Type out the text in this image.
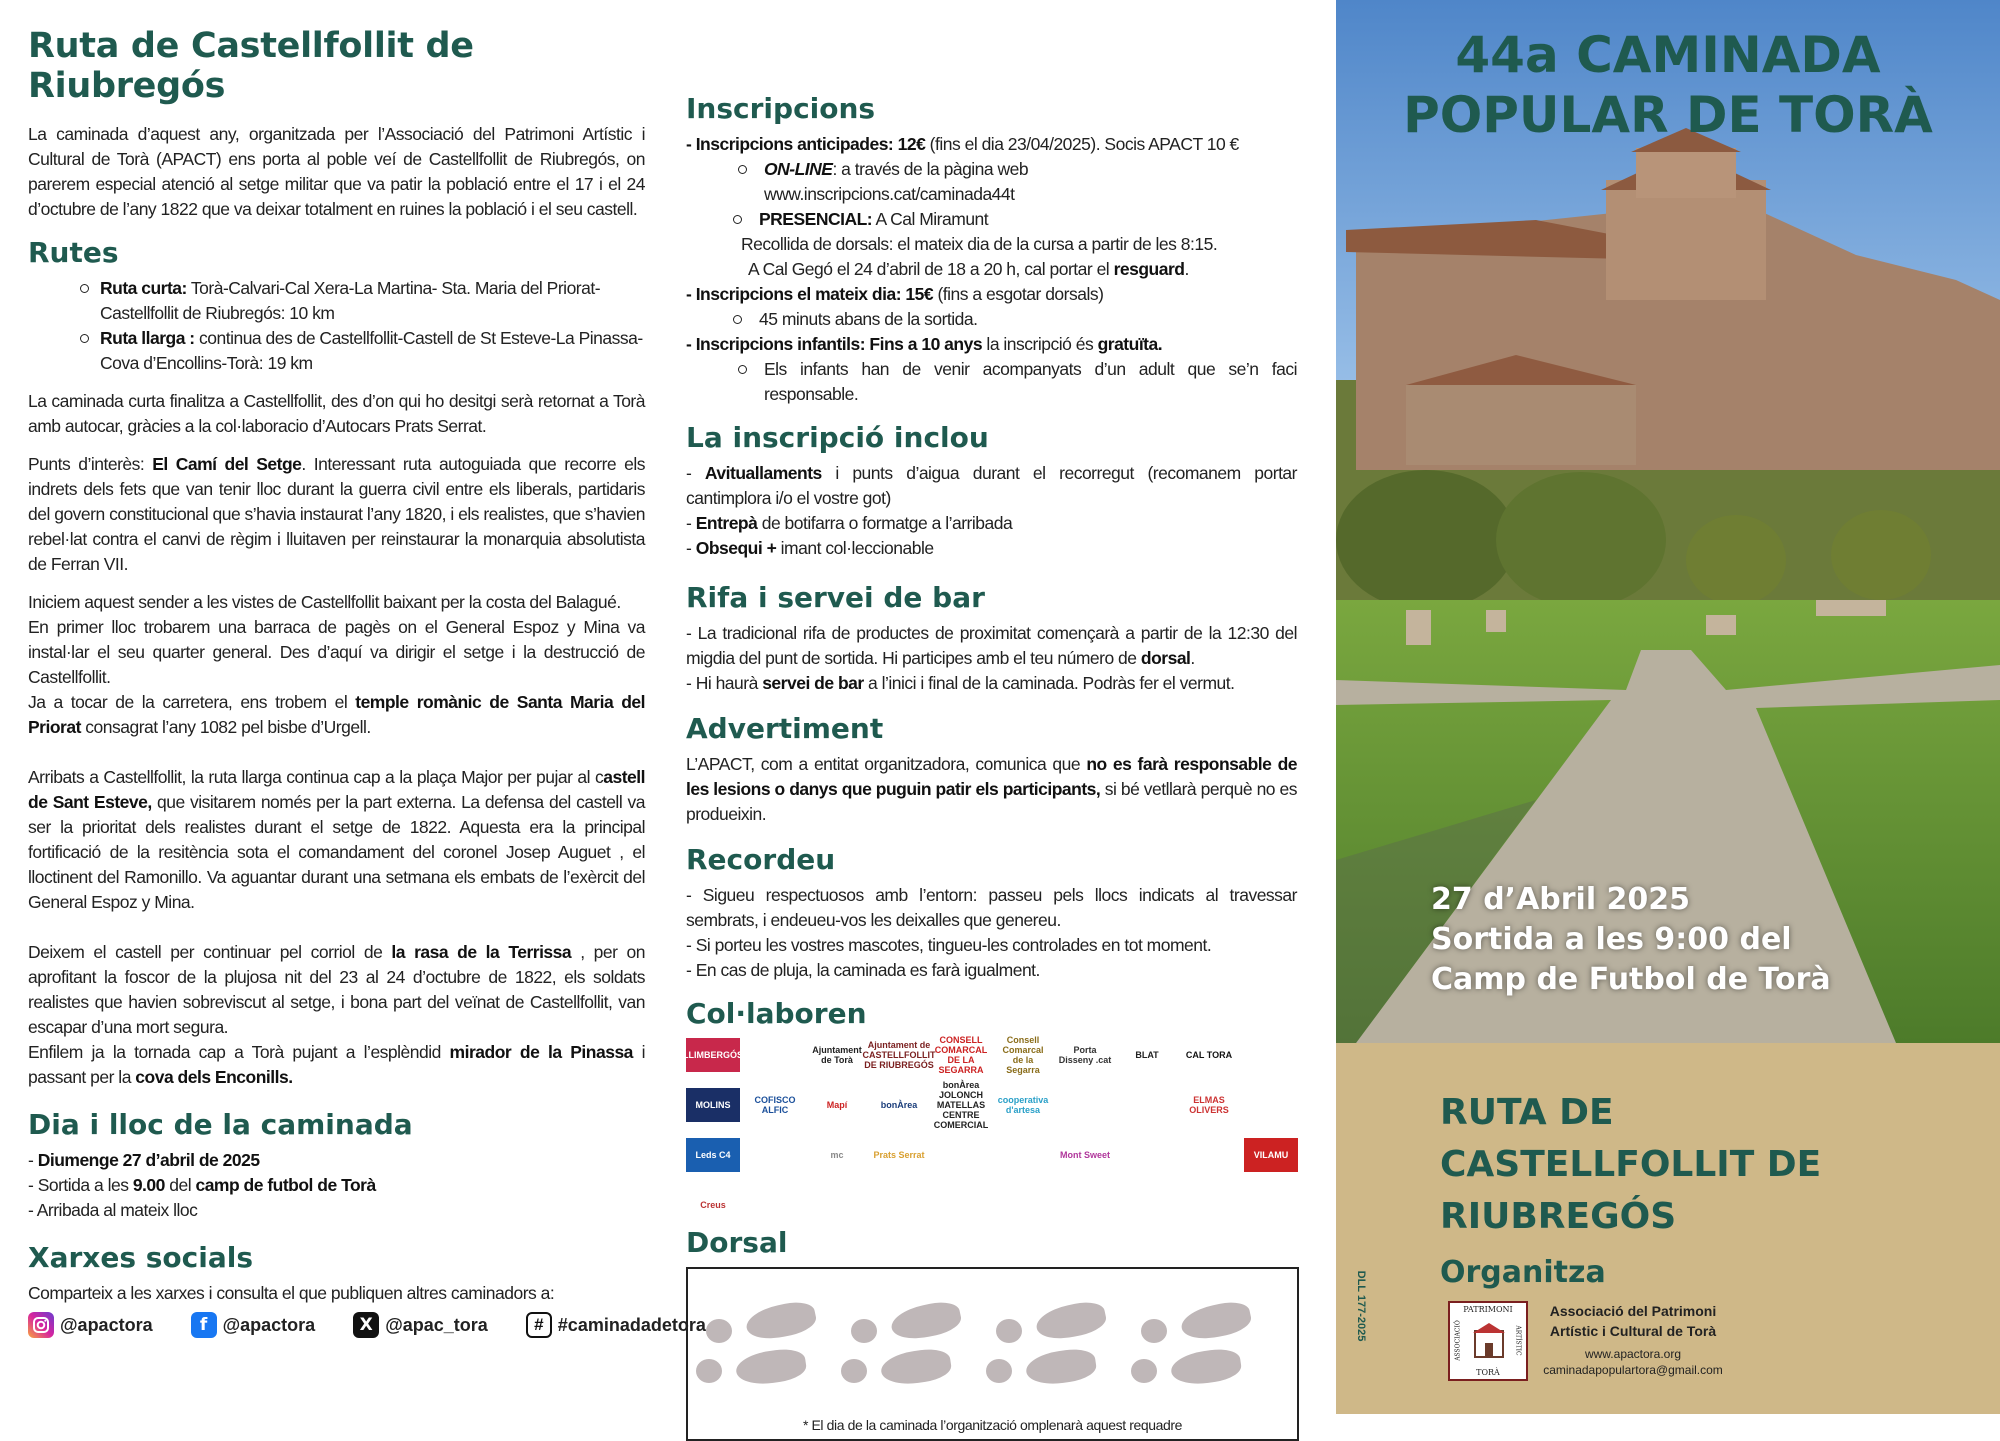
Ruta de Castellfollit de Riubregós

La caminada d’aquest any, organitzada per l’Associació del Patrimoni Artístic i Cultural de Torà (APACT) ens porta al poble veí de Castellfollit de Riubregós, on parerem especial atenció al setge militar que va patir la població entre el 17 i el 24 d’octubre de l’any 1822 que va deixar totalment en ruines la població i el seu castell.

Rutes
Ruta curta: Torà-Calvari-Cal Xera-La Martina- Sta. Maria del Priorat-Castellfollit de Riubregós: 10 km
Ruta llarga : continua des de Castellfollit-Castell de St Esteve-La Pinassa- Cova d’Encollins-Torà: 19 km

La caminada curta finalitza a Castellfollit, des d’on qui ho desitgi serà retornat a Torà amb autocar, gràcies a la col·laboracio d’Autocars Prats Serrat.

Punts d’interès: El Camí del Setge. Interessant ruta autoguiada que recorre els indrets dels fets que van tenir lloc durant la guerra civil entre els liberals, partidaris del govern constitucional que s’havia instaurat l’any 1820, i els realistes, que s’havien rebel·lat contra el canvi de règim i lluitaven per reinstaurar la monarquia absolutista de Ferran VII.

Iniciem aquest sender a les vistes de Castellfollit baixant per la costa del Balagué.

En primer lloc trobarem una barraca de pagès on el General Espoz y Mina va instal·lar el seu quarter general. Des d’aquí va dirigir el setge i la destrucció de Castellfollit.

Ja a tocar de la carretera, ens trobem el temple romànic de Santa Maria del Priorat consagrat l’any 1082 pel bisbe d’Urgell.

Arribats a Castellfollit, la ruta llarga continua cap a la plaça Major per pujar al castell de Sant Esteve, que visitarem només per la part externa. La defensa del castell va ser la prioritat dels realistes durant el setge de 1822. Aquesta era la principal fortificació de la resitència sota el comandament del coronel Josep Auguet , el lloctinent del Ramonillo. Va aguantar durant una setmana els embats de l’exèrcit del General Espoz y Mina.

Deixem el castell per continuar pel corriol de la rasa de la Terrissa , per on aprofitant la foscor de la plujosa nit del 23 al 24 d’octubre de 1822, els soldats realistes que havien sobreviscut al setge, i bona part del veïnat de Castellfollit, van escapar d’una mort segura.

Enfilem ja la tornada cap a Torà pujant a l’esplèndid mirador de la Pinassa i passant per la cova dels Enconills.

Dia i lloc de la caminada
- Diumenge 27 d’abril de 2025
- Sortida a les 9.00 del camp de futbol de Torà
- Arribada al mateix lloc
Xarxes socials
Comparteix a les xarxes i consulta el que publiquen altres caminadors a:
@apactora	f @apactora	X @apac_tora	# #caminadadetora
Inscripcions
- Inscripcions anticipades: 12€ (fins el dia 23/04/2025). Socis APACT 10 €
ON-LINE: a través de la pàgina web
www.inscripcions.cat/caminada44t
PRESENCIAL: A Cal Miramunt
Recollida de dorsals: el mateix dia de la cursa a partir de les 8:15.
A Cal Gegó el 24 d’abril de 18 a 20 h, cal portar el resguard.
- Inscripcions el mateix dia: 15€ (fins a esgotar dorsals)
45 minuts abans de la sortida.
- Inscripcions infantils: Fins a 10 anys la inscripció és gratuïta.
Els infants han de venir acompanyats d’un adult que se’n faci responsable.
La inscripció inclou

- Avituallaments i punts d’aigua durant el recorregut (recomanem portar cantimplora i/o el vostre got)

- Entrepà de botifarra o formatge a l’arribada

- Obsequi + imant col·leccionable

Rifa i servei de bar

- La tradicional rifa de productes de proximitat començarà a partir de la 12:30 del migdia del punt de sortida. Hi participes amb el teu número de dorsal.

- Hi haurà servei de bar a l’inici i final de la caminada. Podràs fer el vermut.

Advertiment

L’APACT, com a entitat organitzadora, comunica que no es farà responsable de les lesions o danys que puguin patir els participants, si bé vetllarà perquè no es produeixin.

Recordeu

- Sigueu respectuosos amb l’entorn: passeu pels llocs indicats al travessar sembrats, i endeueu-vos les deixalles que genereu.

- Si porteu les vostres mascotes, tingueu-les controlades en tot moment.

- En cas de pluja, la caminada es farà igualment.

Col·laboren
LLIMBERGÓS	Ajuntament de Torà
Ajuntament de CASTELLFOLLIT DE RIUBREGÓS
CONSELL COMARCAL DE LA SEGARRA
Consell Comarcal de la Segarra
Porta Disseny .cat	BLAT	CAL TORA
MOLINS	COFISCO ALFIC	Mapí	bonÀrea
bonÀrea JOLONCH MATELLAS CENTRE COMERCIAL
cooperativa d'artesa
ELMAS OLIVERS
Leds C4	mc	Prats Serrat	Mont Sweet	VILAMU
Creus
Dorsal
* El dia de la caminada l’organització omplenarà aquest requadre
44a CAMINADA
POPULAR DE TORÀ
27 d’Abril 2025
Sortida a les 9:00 del
Camp de Futbol de Torà
RUTA DE
CASTELLFOLLIT DE
RIUBREGÓS
Organitza
PATRIMONI
TORÀ
ASSOCIACIÓ	ARTÍSTIC
Associació del Patrimoni
Artístic i Cultural de Torà
www.apactora.org
caminadapopulartora@gmail.com
DLL 177-2025
